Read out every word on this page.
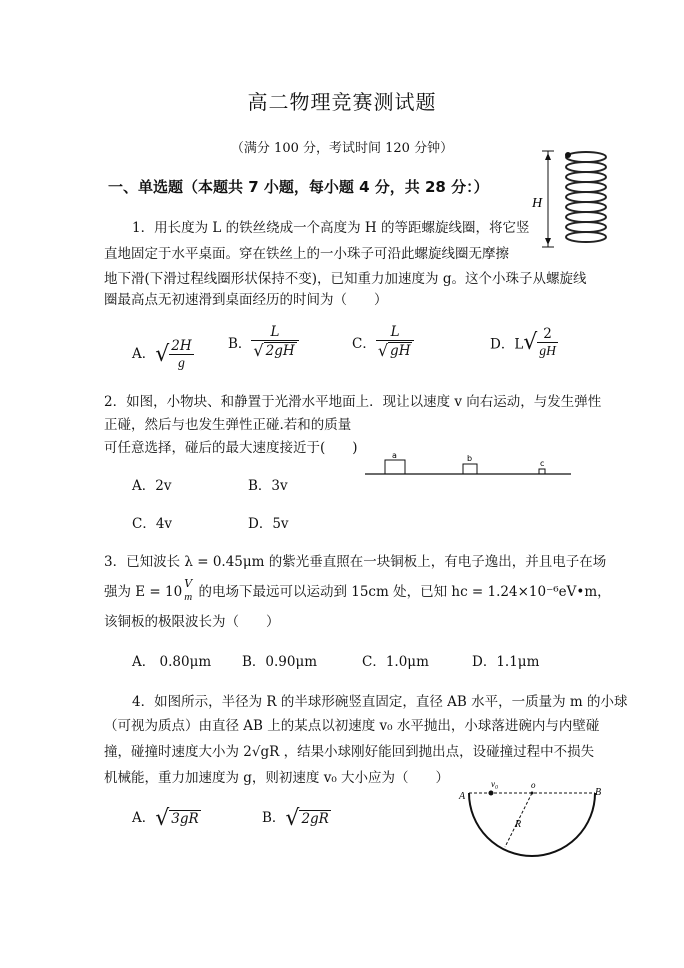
高二物理竞赛测试题
（满分 100 分，考试时间 120 分钟）
一、单选题（本题共 7 小题，每小题 4 分，共 28 分：）
1．用长度为 L 的铁丝绕成一个高度为 H 的等距螺旋线圈，将它竖
直地固定于水平桌面。穿在铁丝上的一小珠子可沿此螺旋线圈无摩擦
地下滑(下滑过程线圈形状保持不变)，已知重力加速度为 g。这个小珠子从螺旋线
圈最高点无初速滑到桌面经历的时间为（　　）
H
A．√ $\frac{2H}{g}$	B． $\frac{L}{√ 2gH}$	C． $\frac{L}{√ gH}$	D．$L√ \frac{2}{gH}$
2．如图，小物块、和静置于光滑水平地面上．现让以速度 v 向右运动，与发生弹性
正碰，然后与也发生弹性正碰.若和的质量
可任意选择，碰后的最大速度接近于(　　)	a	b
c
A．2v	B．3v
C．4v	D．5v
3．已知波长 λ = 0.45μm 的紫光垂直照在一块铜板上，有电子逸出，并且电子在场
强为 E = 10
V
m 的电场下最远可以运动到 15cm 处，已知 hc = 1.24×10⁻⁶eV•m，
该铜板的极限波长为（　　）
A． 0.80μm B．0.90μm	C．1.0μm	D．1.1μm
4．如图所示，半径为 R 的半球形碗竖直固定，直径 AB 水平，一质量为 m 的小球
（可视为质点）由直径 AB 上的某点以初速度 v₀ 水平抛出，小球落进碗内与内壁碰
撞，碰撞时速度大小为 2√gR ，结果小球刚好能回到抛出点，设碰撞过程中不损失
机械能，重力加速度为 g，则初速度 v₀ 大小应为（　　）
A．√ 3gR	B．√ 2gR
A	B
v₀	o
R
